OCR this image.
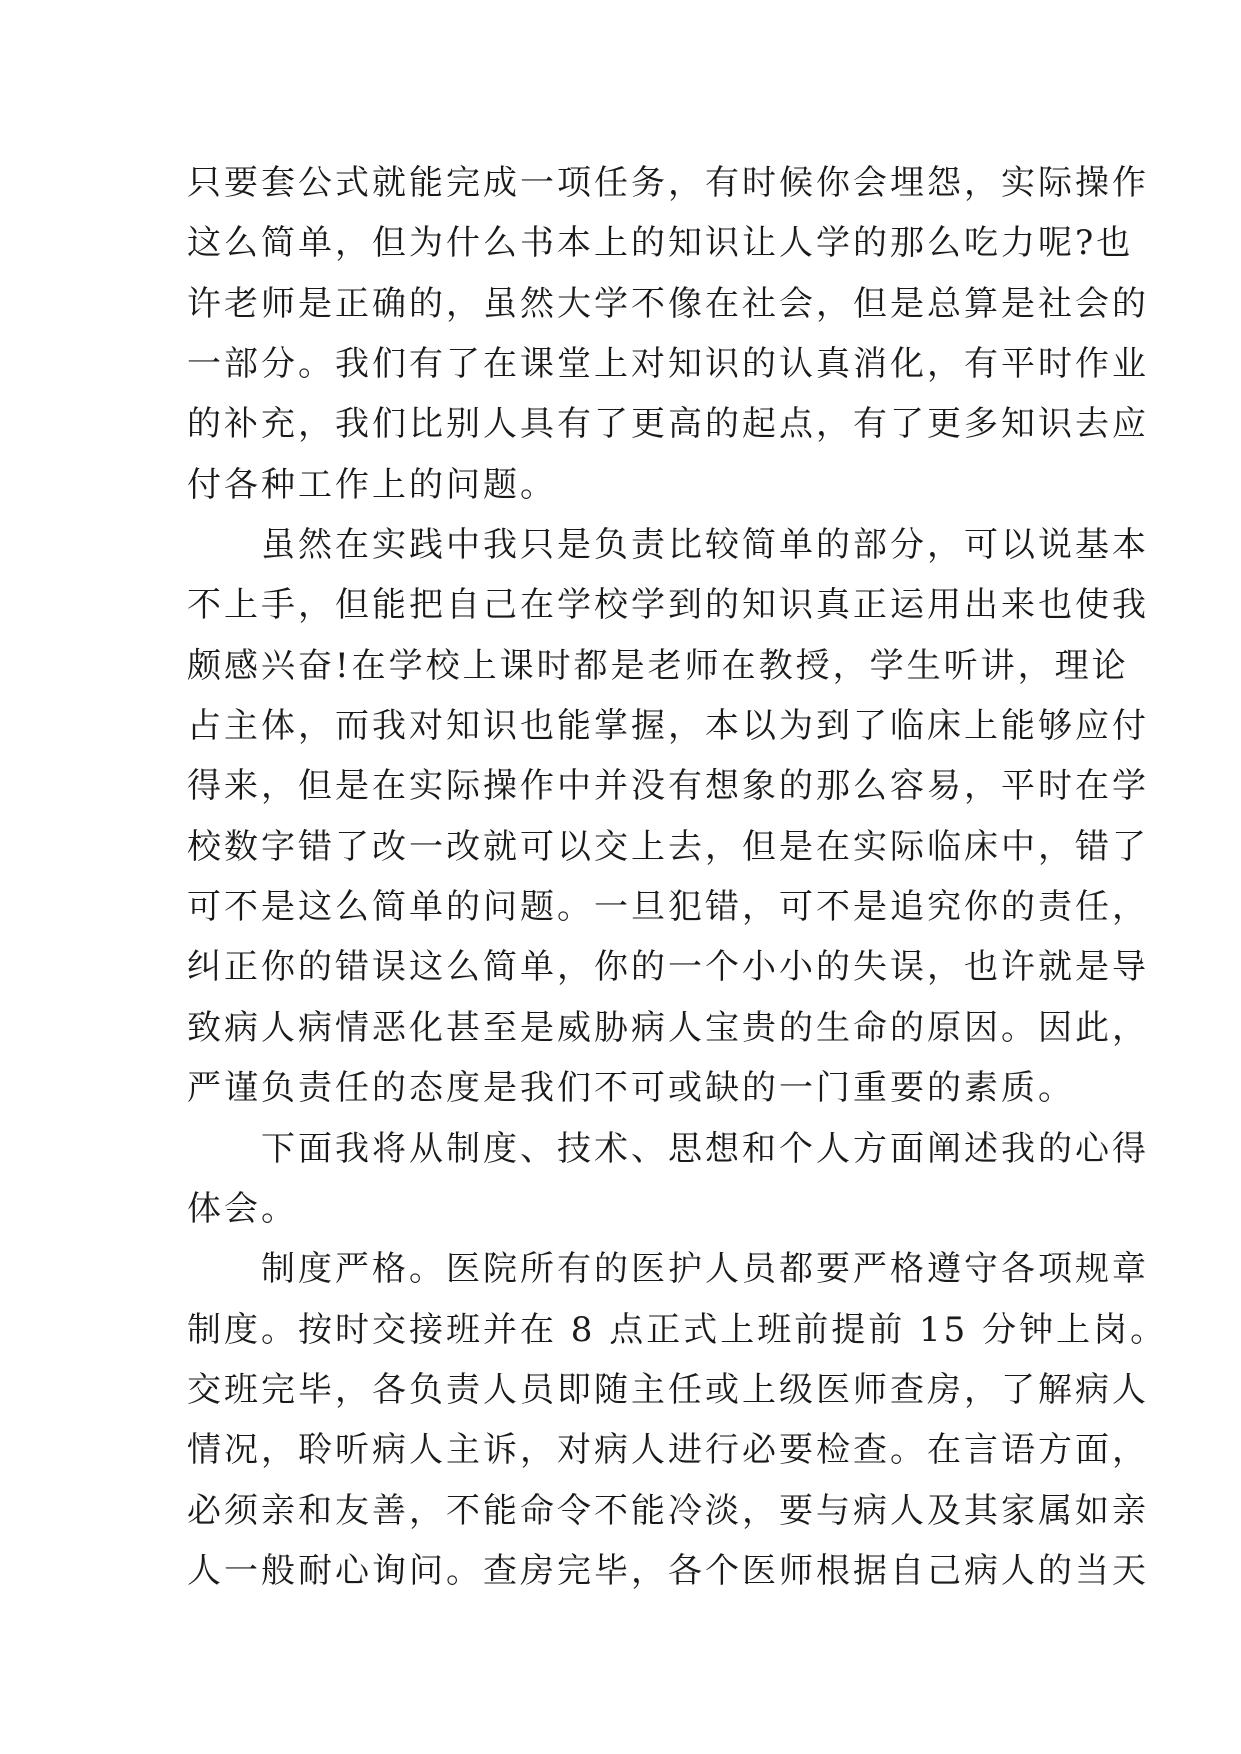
只要套公式就能完成一项任务，有时候你会埋怨，实际操作
这么简单，但为什么书本上的知识让人学的那么吃力呢?也
许老师是正确的，虽然大学不像在社会，但是总算是社会的
一部分。我们有了在课堂上对知识的认真消化，有平时作业
的补充，我们比别人具有了更高的起点，有了更多知识去应
付各种工作上的问题。
　　虽然在实践中我只是负责比较简单的部分，可以说基本
不上手，但能把自己在学校学到的知识真正运用出来也使我
颇感兴奋!在学校上课时都是老师在教授，学生听讲，理论
占主体，而我对知识也能掌握，本以为到了临床上能够应付
得来，但是在实际操作中并没有想象的那么容易，平时在学
校数字错了改一改就可以交上去，但是在实际临床中，错了
可不是这么简单的问题。一旦犯错，可不是追究你的责任，
纠正你的错误这么简单，你的一个小小的失误，也许就是导
致病人病情恶化甚至是威胁病人宝贵的生命的原因。因此，
严谨负责任的态度是我们不可或缺的一门重要的素质。
　　下面我将从制度、技术、思想和个人方面阐述我的心得
体会。
　　制度严格。医院所有的医护人员都要严格遵守各项规章
制度。按时交接班并在 8 点正式上班前提前 15 分钟上岗。
交班完毕，各负责人员即随主任或上级医师查房，了解病人
情况，聆听病人主诉，对病人进行必要检查。在言语方面，
必须亲和友善，不能命令不能冷淡，要与病人及其家属如亲
人一般耐心询问。查房完毕，各个医师根据自己病人的当天
